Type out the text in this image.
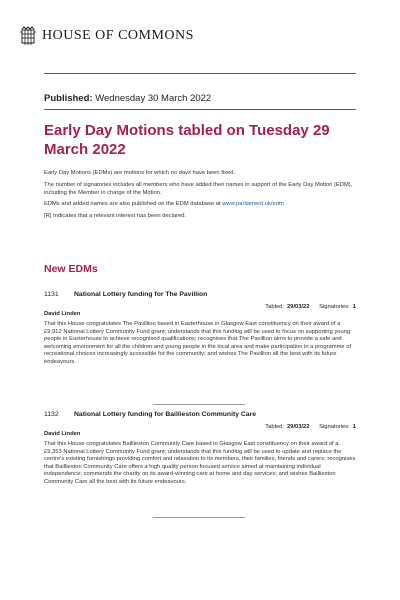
HOUSE OF COMMONS
Published: Wednesday 30 March 2022
Early Day Motions tabled on Tuesday 29 March 2022

Early Day Motions (EDMs) are motions for which no days have been fixed.

The number of signatories includes all members who have added their names in support of the Early Day Motion (EDM), including the Member in charge of the Motion.

EDMs and added names are also published on the EDM database at www.parliament.uk/edm

[R] Indicates that a relevant interest has been declared.

New EDMs
1131	National Lottery funding for The Pavillion
Tabled: 29/03/22 Signatories: 1
David Linden
That this House congratulates The Pavillion based in Easterhouse in Glasgow East constituency on their award of a £9,912 National Lottery Community Fund grant; understands that this funding will be used to focus on supporting young people in Easterhouse to achieve recognised qualifications; recognises that The Pavillion aims to provide a safe and welcoming environment for all the children and young people in the local area and make participation in a programme of recreational choices increasingly accessible for the community; and wishes The Pavillion all the best with its future endeavours.
1132	National Lottery funding for Baillieston Community Care
Tabled: 29/03/22 Signatories: 1
David Linden
That this House congratulates Baillieston Community Care based in Glasgow East constituency on their award of a £9,353 National Lottery Community Fund grant; understands that this funding will be used to update and replace the centre's existing furnishings providing comfort and relaxation to its members, their families, friends and carers; recognises that Baillieston Community Care offers a high quality person focused service aimed at maintaining individual independence; commends the charity on its award-winning care at home and day services; and wishes Baillieston Community Care all the best with its future endeavours.
